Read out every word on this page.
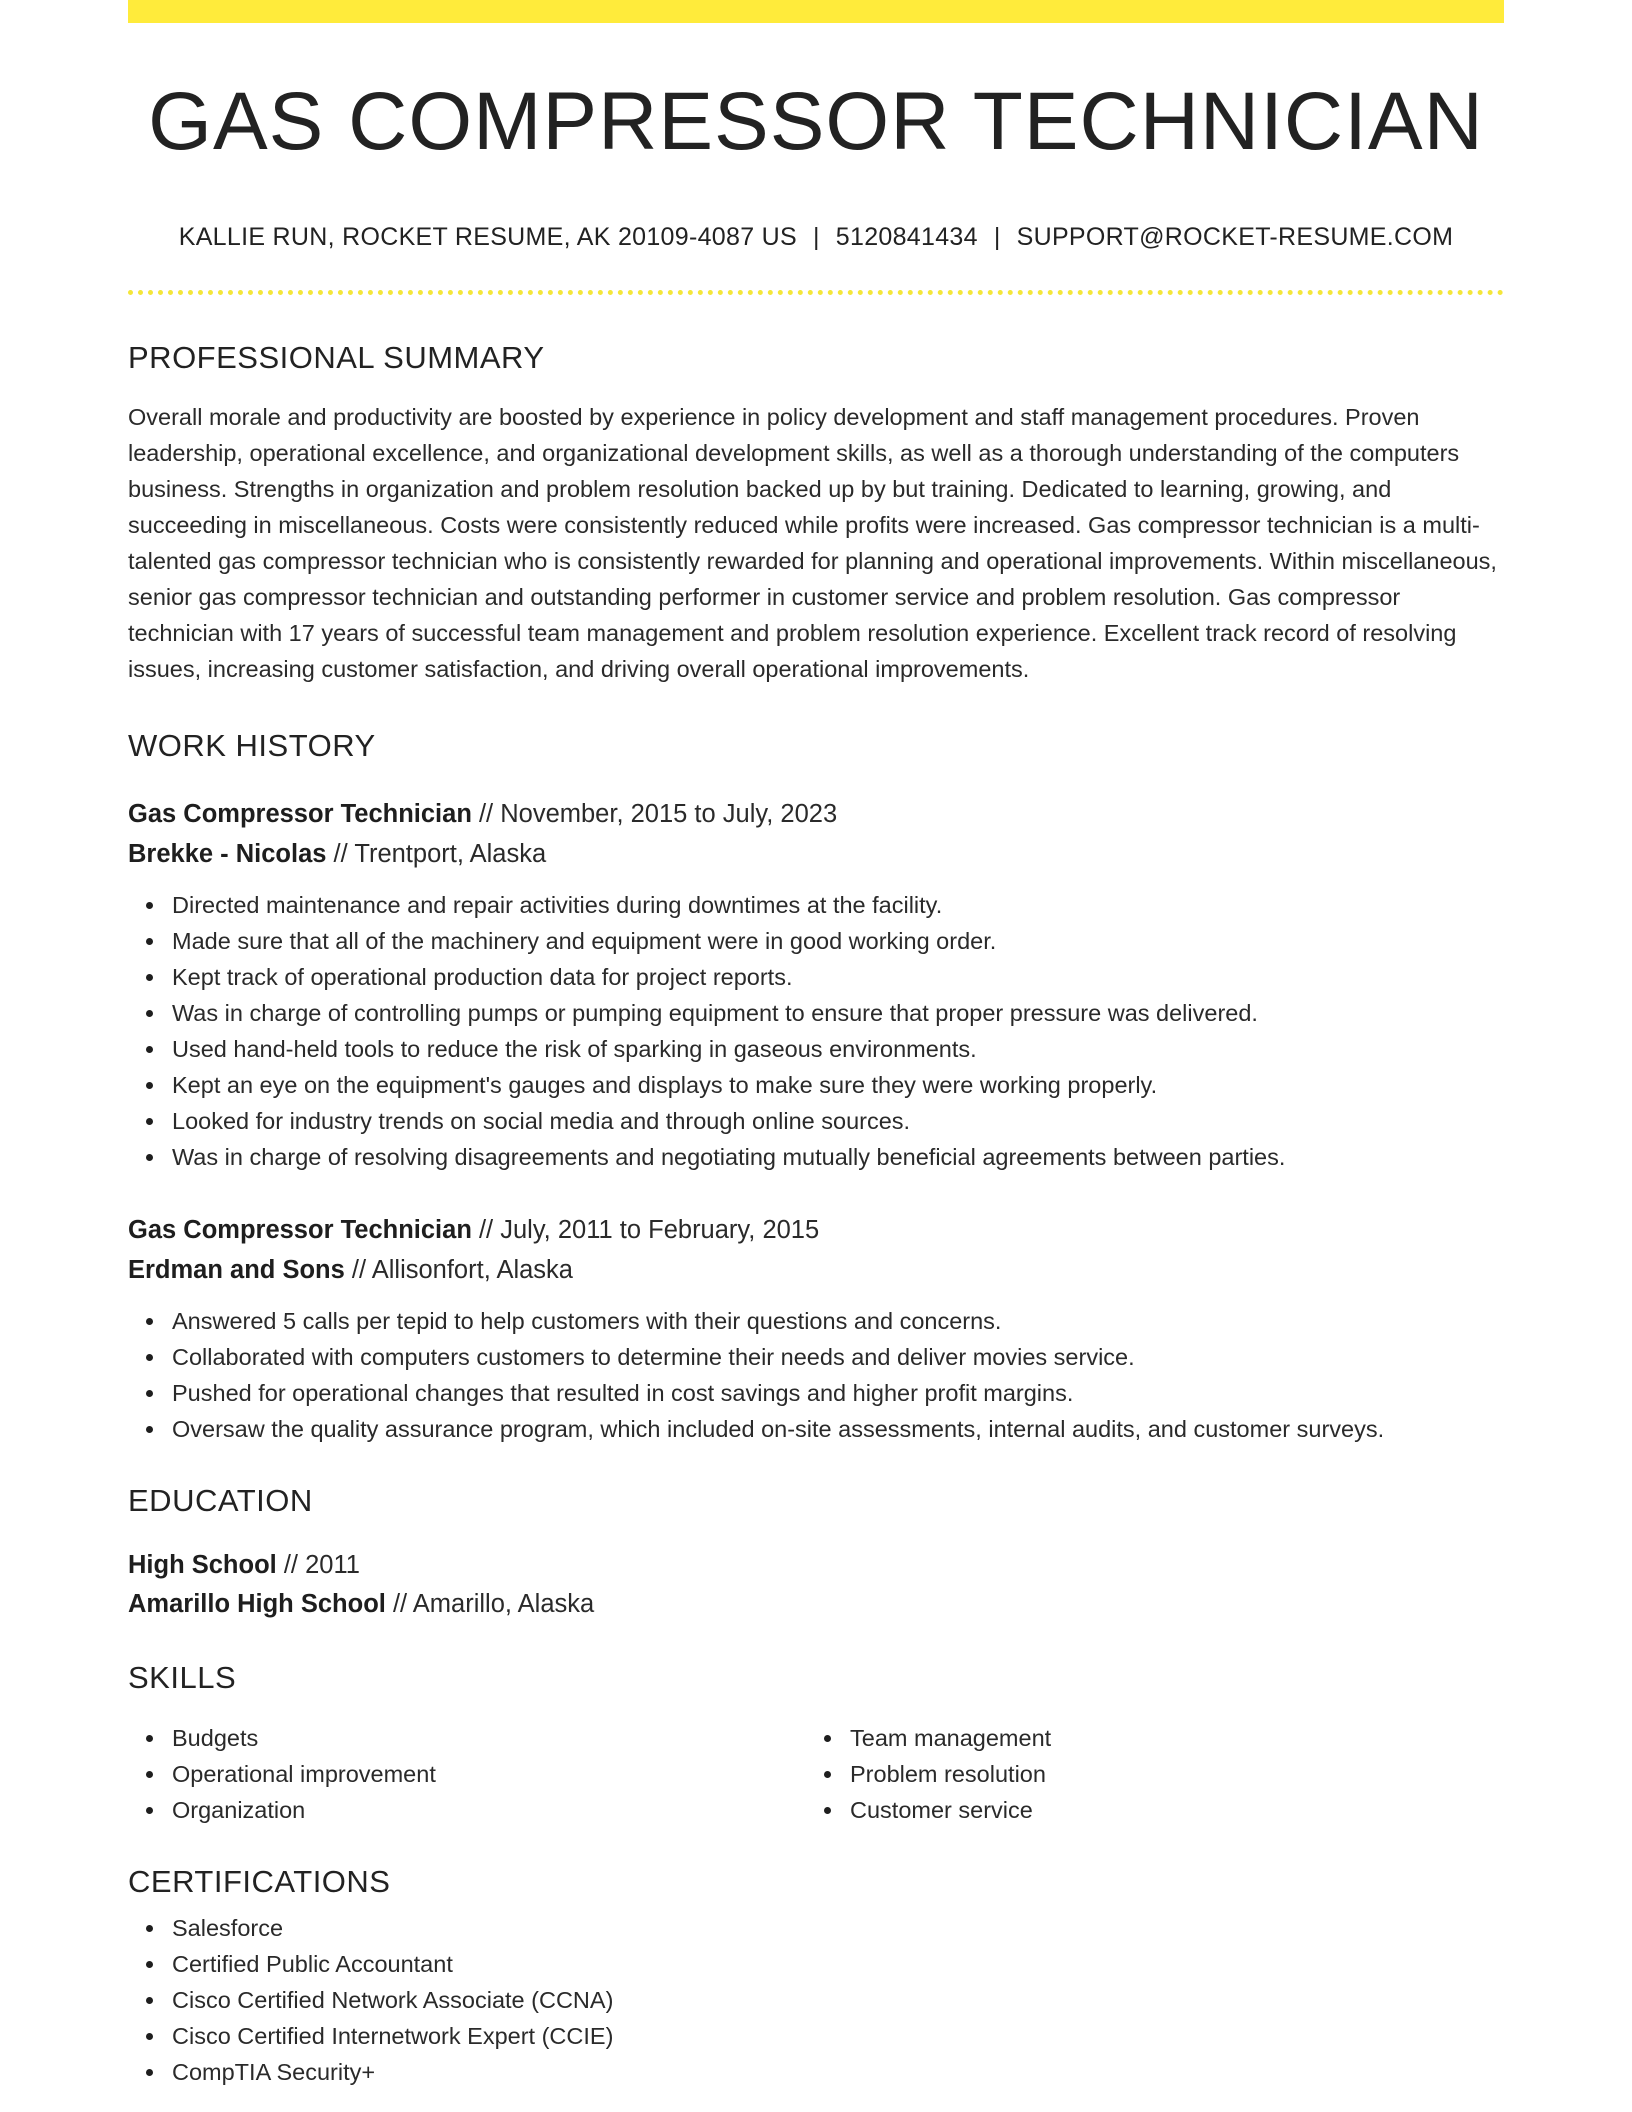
GAS COMPRESSOR TECHNICIAN
KALLIE RUN, ROCKET RESUME, AK 20109-4087 US | 5120841434 | SUPPORT@ROCKET-RESUME.COM
PROFESSIONAL SUMMARY

Overall morale and productivity are boosted by experience in policy development and staff management procedures. Proven leadership, operational excellence, and organizational development skills, as well as a thorough understanding of the computers business. Strengths in organization and problem resolution backed up by but training. Dedicated to learning, growing, and succeeding in miscellaneous. Costs were consistently reduced while profits were increased. Gas compressor technician is a multi-talented gas compressor technician who is consistently rewarded for planning and operational improvements. Within miscellaneous, senior gas compressor technician and outstanding performer in customer service and problem resolution. Gas compressor technician with 17 years of successful team management and problem resolution experience. Excellent track record of resolving issues, increasing customer satisfaction, and driving overall operational improvements.

WORK HISTORY
Gas Compressor Technician // November, 2015 to July, 2023
Brekke - Nicolas // Trentport, Alaska
Directed maintenance and repair activities during downtimes at the facility.
Made sure that all of the machinery and equipment were in good working order.
Kept track of operational production data for project reports.
Was in charge of controlling pumps or pumping equipment to ensure that proper pressure was delivered.
Used hand-held tools to reduce the risk of sparking in gaseous environments.
Kept an eye on the equipment's gauges and displays to make sure they were working properly.
Looked for industry trends on social media and through online sources.
Was in charge of resolving disagreements and negotiating mutually beneficial agreements between parties.
Gas Compressor Technician // July, 2011 to February, 2015
Erdman and Sons // Allisonfort, Alaska
Answered 5 calls per tepid to help customers with their questions and concerns.
Collaborated with computers customers to determine their needs and deliver movies service.
Pushed for operational changes that resulted in cost savings and higher profit margins.
Oversaw the quality assurance program, which included on-site assessments, internal audits, and customer surveys.
EDUCATION
High School // 2011
Amarillo High School // Amarillo, Alaska
SKILLS
Budgets
Operational improvement
Organization
Team management
Problem resolution
Customer service
CERTIFICATIONS
Salesforce
Certified Public Accountant
Cisco Certified Network Associate (CCNA)
Cisco Certified Internetwork Expert (CCIE)
CompTIA Security+
